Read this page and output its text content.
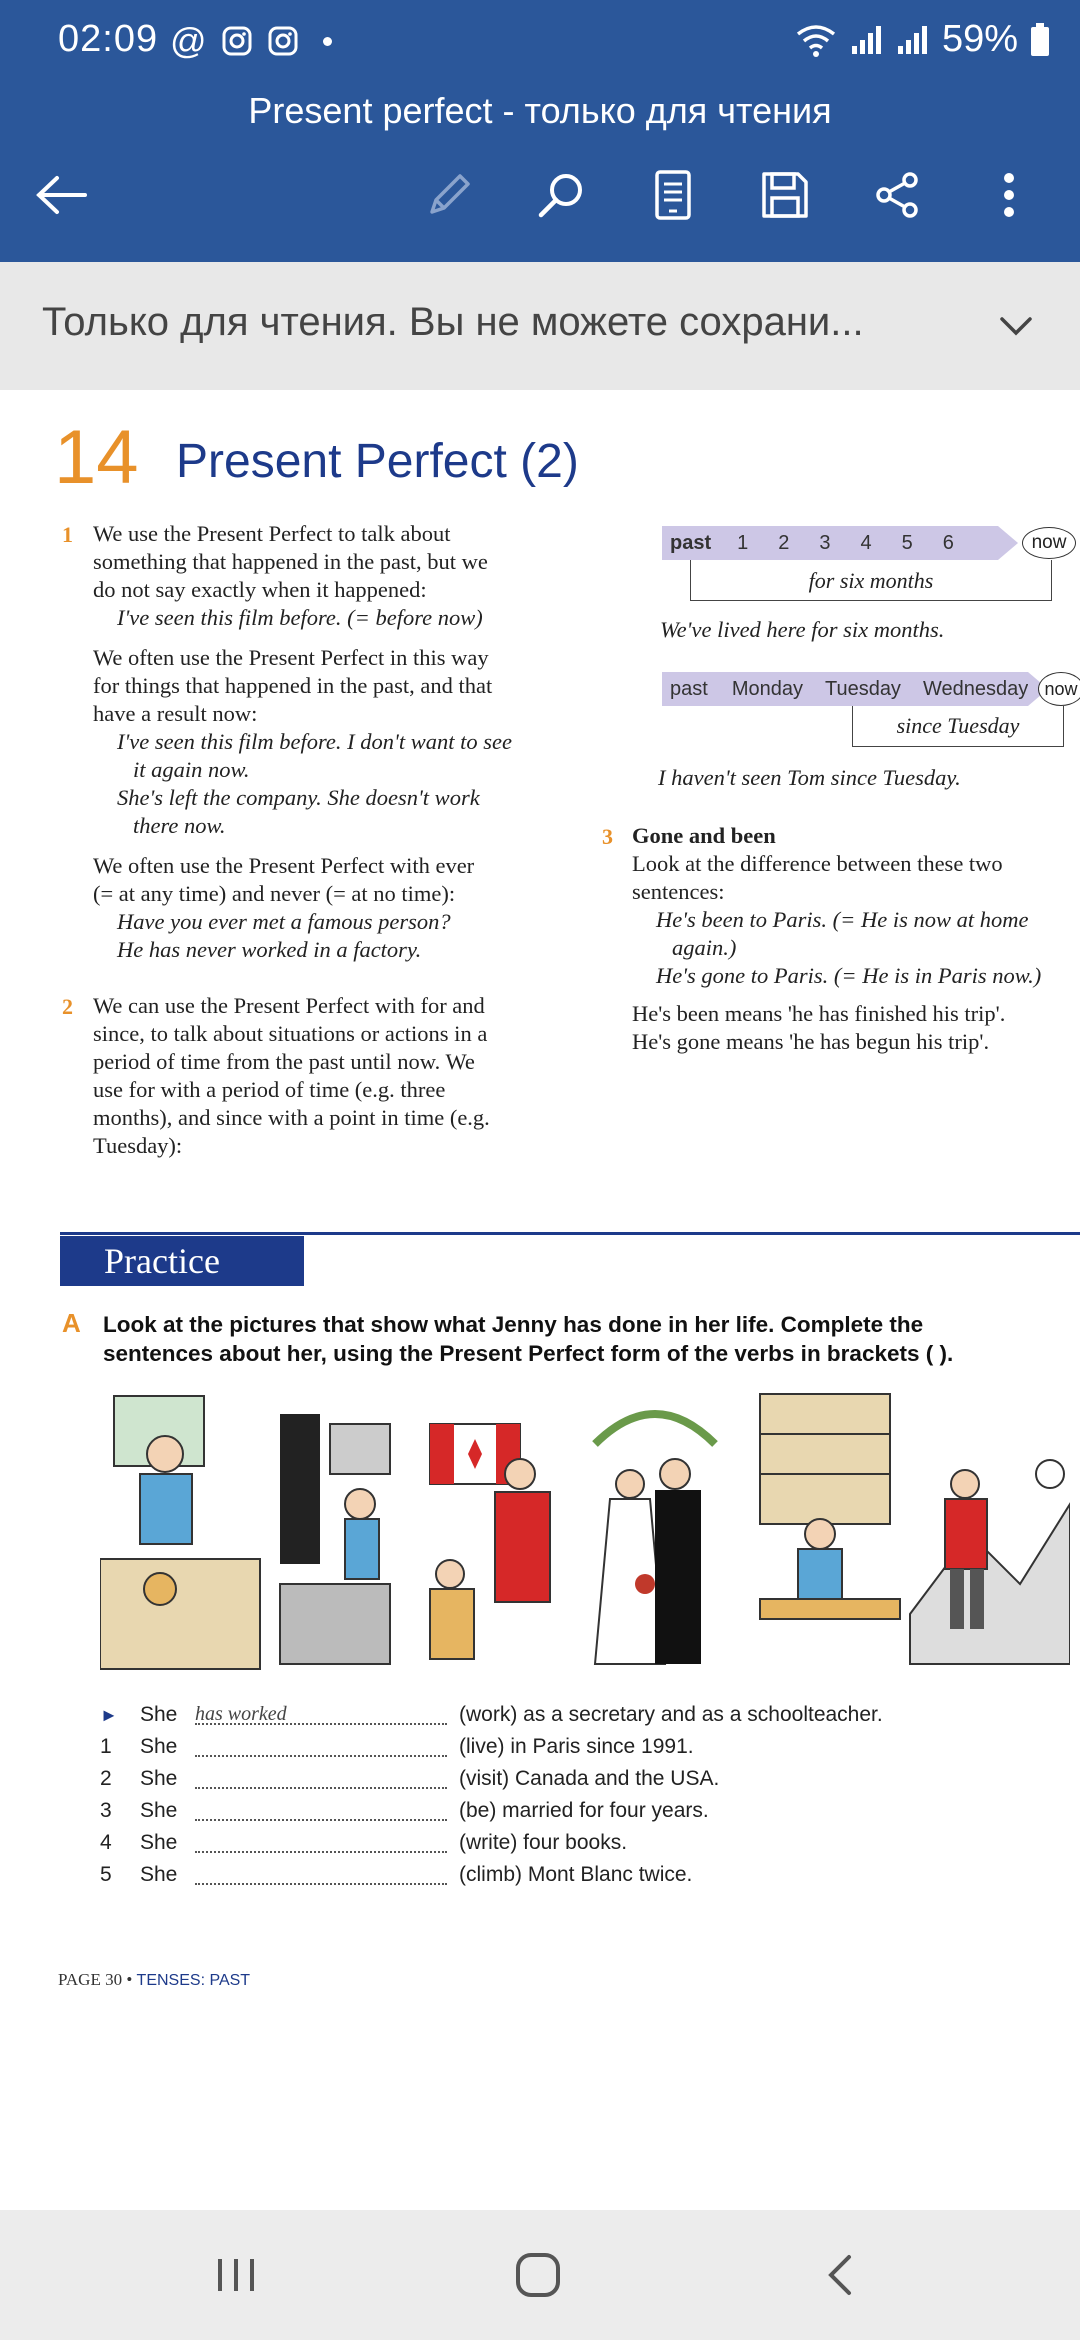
02:09 @	59%
Present perfect - только для чтения
Только для чтения. Вы не можете сохрани...
14 Present Perfect (2)
1 We use the Present Perfect to talk about
something that happened in the past, but we
do not say exactly when it happened:
I've seen this film before. (= before now)
We often use the Present Perfect in this way
for things that happened in the past, and that
have a result now:
I've seen this film before. I don't want to see
it again now.
She's left the company. She doesn't work
there now.
We often use the Present Perfect with ever
(= at any time) and never (= at no time):
Have you ever met a famous person?
He has never worked in a factory.
2 We can use the Present Perfect with for and
since, to talk about situations or actions in a
period of time from the past until now. We
use for with a period of time (e.g. three
months), and since with a point in time (e.g.
Tuesday):
past 1 2 3 4 5 6	now
for six months
We've lived here for six months.
past Monday Tuesday Wednesday now
since Tuesday
I haven't seen Tom since Tuesday.
3 Gone and been
Look at the difference between these two
sentences:
He's been to Paris. (= He is now at home
again.)
He's gone to Paris. (= He is in Paris now.)
He's been means 'he has finished his trip'.
He's gone means 'he has begun his trip'.
Practice
A Look at the pictures that show what Jenny has done in her life. Complete the
sentences about her, using the Present Perfect form of the verbs in brackets ( ).
►	She has worked	(work) as a secretary and as a schoolteacher.
1	She	(live) in Paris since 1991.
2	She	(visit) Canada and the USA.
3	She	(be) married for four years.
4	She	(write) four books.
5	She	(climb) Mont Blanc twice.
PAGE 30 • TENSES: PAST
